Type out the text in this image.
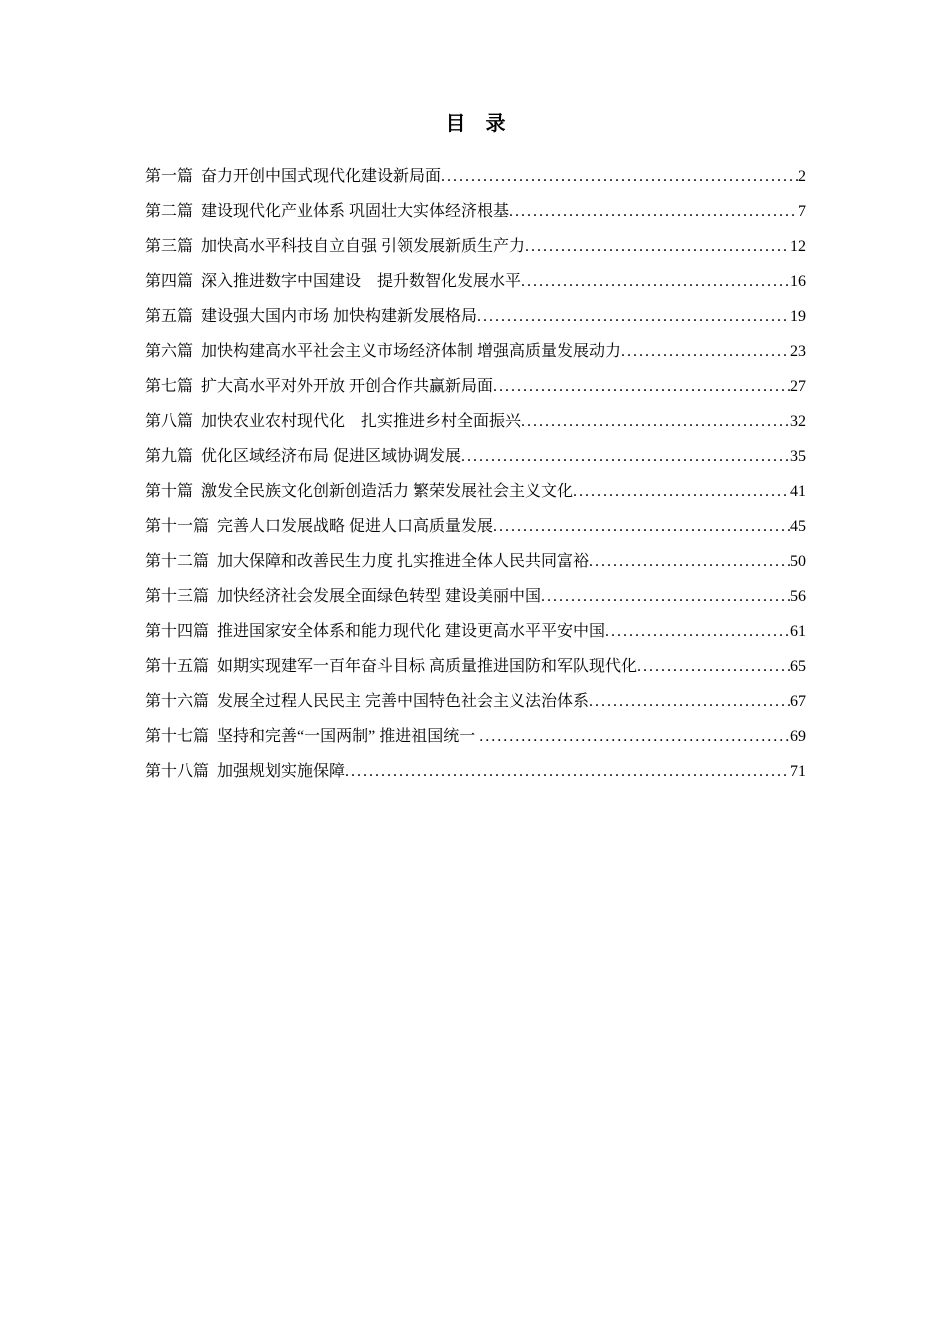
目　录
第一篇 奋力开创中国式现代化建设新局面 .....	2
第二篇 建设现代化产业体系 巩固壮大实体经济根基 .....	7
第三篇 加快高水平科技自立自强 引领发展新质生产力 .....	12
第四篇 深入推进数字中国建设　提升数智化发展水平 .....	16
第五篇 建设强大国内市场 加快构建新发展格局 .....	19
第六篇 加快构建高水平社会主义市场经济体制 增强高质量发展动力 .....	23
第七篇 扩大高水平对外开放 开创合作共赢新局面 .....	27
第八篇 加快农业农村现代化　扎实推进乡村全面振兴 .....	32
第九篇 优化区域经济布局 促进区域协调发展 .....	35
第十篇 激发全民族文化创新创造活力 繁荣发展社会主义文化 .....	41
第十一篇 完善人口发展战略 促进人口高质量发展 .....	45
第十二篇 加大保障和改善民生力度 扎实推进全体人民共同富裕 .....	50
第十三篇 加快经济社会发展全面绿色转型 建设美丽中国 .....	56
第十四篇 推进国家安全体系和能力现代化 建设更高水平平安中国 .....	61
第十五篇 如期实现建军一百年奋斗目标 高质量推进国防和军队现代化 .....	65
第十六篇 发展全过程人民民主 完善中国特色社会主义法治体系 .....	67
第十七篇 坚持和完善“一国两制” 推进祖国统一 .....	69
第十八篇 加强规划实施保障 .....	71
